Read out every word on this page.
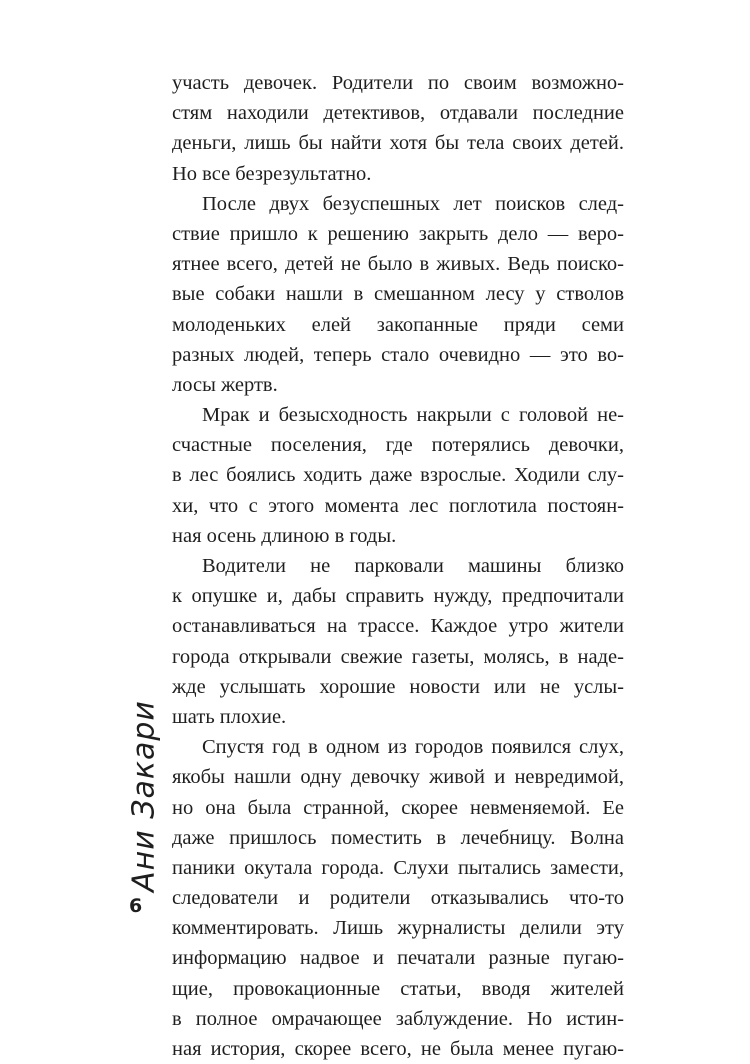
участь девочек. Родители по своим возможно-
стям находили детективов, отдавали последние
деньги, лишь бы найти хотя бы тела своих детей.
Но все безрезультатно.
После двух безуспешных лет поисков след-
ствие пришло к решению закрыть дело — веро-
ятнее всего, детей не было в живых. Ведь поиско-
вые собаки нашли в смешанном лесу у стволов
молоденьких елей закопанные пряди семи
разных людей, теперь стало очевидно — это во-
лосы жертв.
Мрак и безысходность накрыли с головой не-
счастные поселения, где потерялись девочки,
в лес боялись ходить даже взрослые. Ходили слу-
хи, что с этого момента лес поглотила постоян-
ная осень длиною в годы.
Водители не парковали машины близко
к опушке и, дабы справить нужду, предпочитали
останавливаться на трассе. Каждое утро жители
города открывали свежие газеты, молясь, в наде-
жде услышать хорошие новости или не услы-
шать плохие.
Спустя год в одном из городов появился слух,
якобы нашли одну девочку живой и невредимой,
но она была странной, скорее невменяемой. Ее
даже пришлось поместить в лечебницу. Волна
паники окутала города. Слухи пытались замести,
следователи и родители отказывались что-то
комментировать. Лишь журналисты делили эту
информацию надвое и печатали разные пугаю-
щие, провокационные статьи, вводя жителей
в полное омрачающее заблуждение. Но истин-
ная история, скорее всего, не была менее пугаю-
Ани Закари
6
